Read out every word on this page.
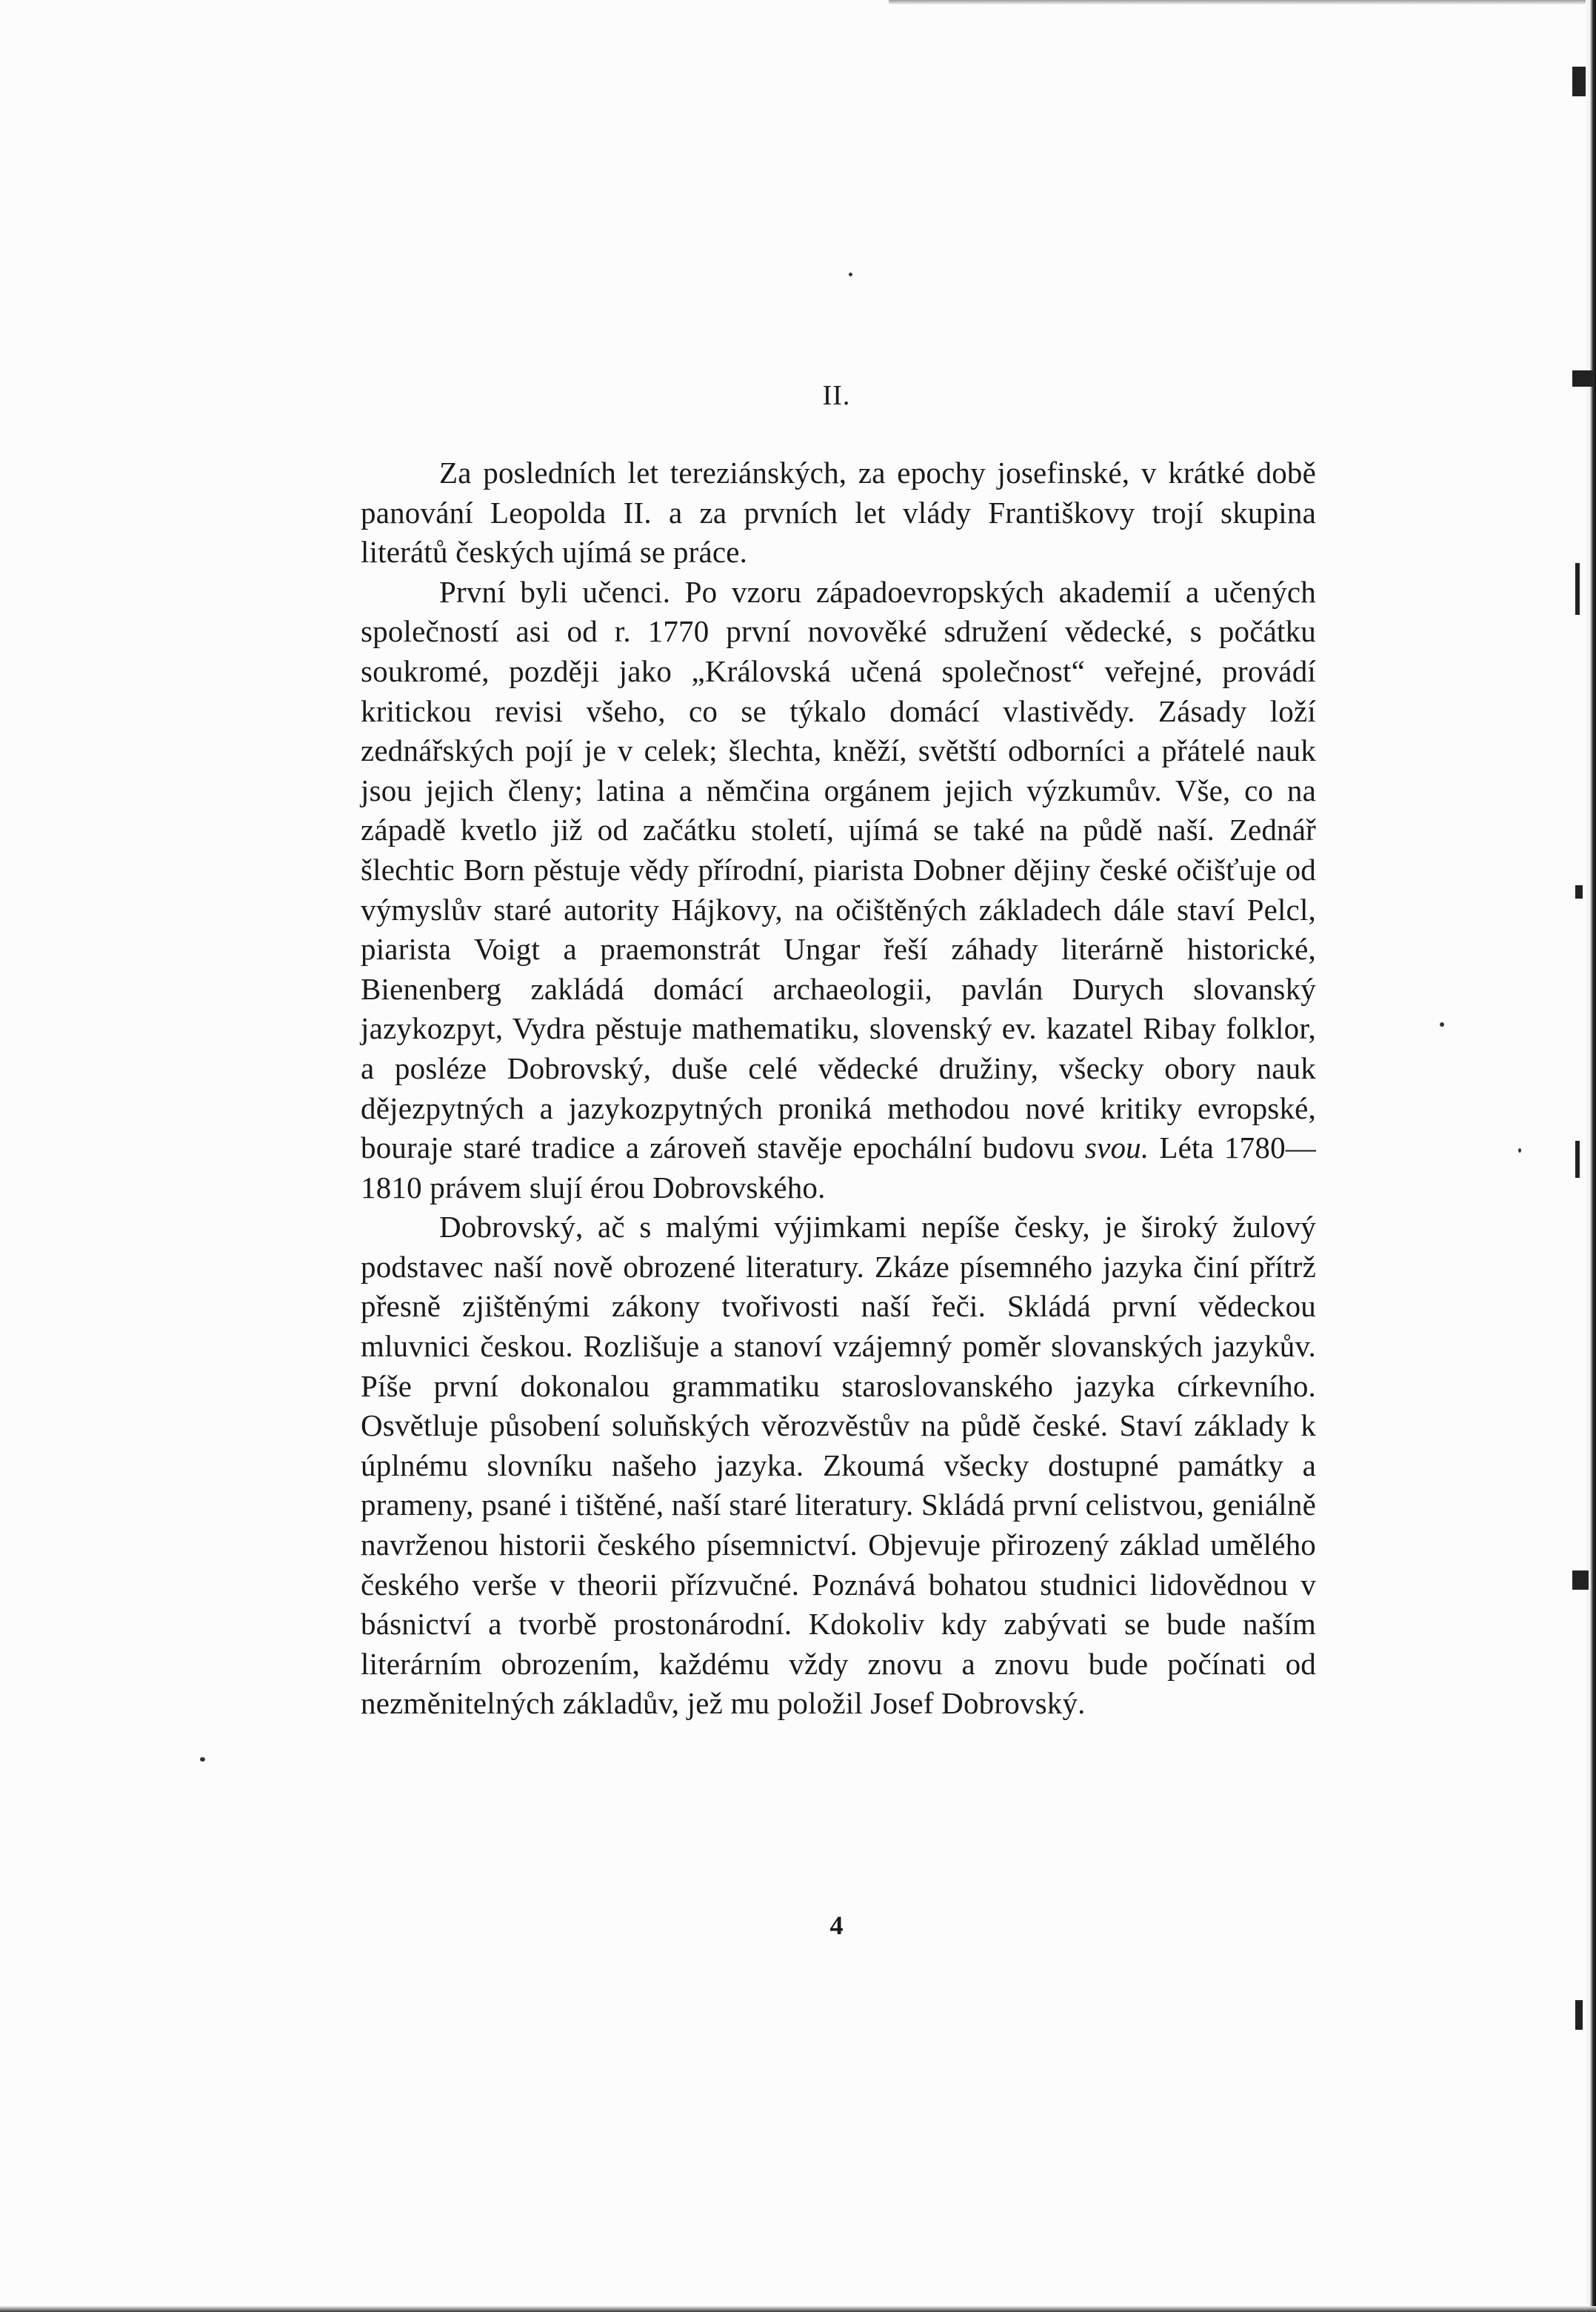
II.

Za posledních let tereziánských, za epochy josefinské, v krátké době panování Leopolda II. a za prvních let vlády Františkovy trojí skupina literátů českých ujímá se práce.

První byli učenci. Po vzoru západoevropských akademií a učených společností asi od r. 1770 první novověké sdružení vědecké, s počátku soukromé, později jako „Královská učená společnost“ veřejné, provádí kritickou revisi všeho, co se týkalo domácí vlastivědy. Zásady loží zednářských pojí je v celek; šlechta, kněží, světští odborníci a přátelé nauk jsou jejich členy; latina a němčina orgánem jejich výzkumův. Vše, co na západě kvetlo již od začátku století, ujímá se také na půdě naší. Zednář šlechtic Born pěstuje vědy přírodní, piarista Dobner dějiny české očišťuje od výmyslův staré autority Hájkovy, na očištěných základech dále staví Pelcl, piarista Voigt a praemonstrát Ungar řeší záhady literárně historické, Bienenberg zakládá domácí archaeologii, pavlán Durych slovanský jazykozpyt, Vydra pěstuje mathematiku, slovenský ev. kazatel Ribay folklor, a posléze Dobrovský, duše celé vědecké družiny, všecky obory nauk dějezpytných a jazykozpytných proniká methodou nové kritiky evropské, bouraje staré tradice a zároveň stavěje epochální budovu svou. Léta 1780—1810 právem slují érou Dobrovského.

Dobrovský, ač s malými výjimkami nepíše česky, je široký žulový podstavec naší nově obrozené literatury. Zkáze písemného jazyka činí přítrž přesně zjištěnými zákony tvořivosti naší řeči. Skládá první vědeckou mluvnici českou. Rozlišuje a stanoví vzájemný poměr slovanských jazykův. Píše první dokonalou grammatiku staroslovanského jazyka církevního. Osvětluje působení soluňských věrozvěstův na půdě české. Staví základy k úplnému slovníku našeho jazyka. Zkoumá všecky dostupné památky a prameny, psané i tištěné, naší staré literatury. Skládá první celistvou, geniálně navrženou historii českého písemnictví. Objevuje přirozený základ umělého českého verše v theorii přízvučné. Poznává bohatou studnici lidovědnou v básnictví a tvorbě prostonárodní. Kdokoliv kdy zabývati se bude naším literárním obrozením, každému vždy znovu a znovu bude počínati od nezměnitelných základův, jež mu položil Josef Dobrovský.

4
